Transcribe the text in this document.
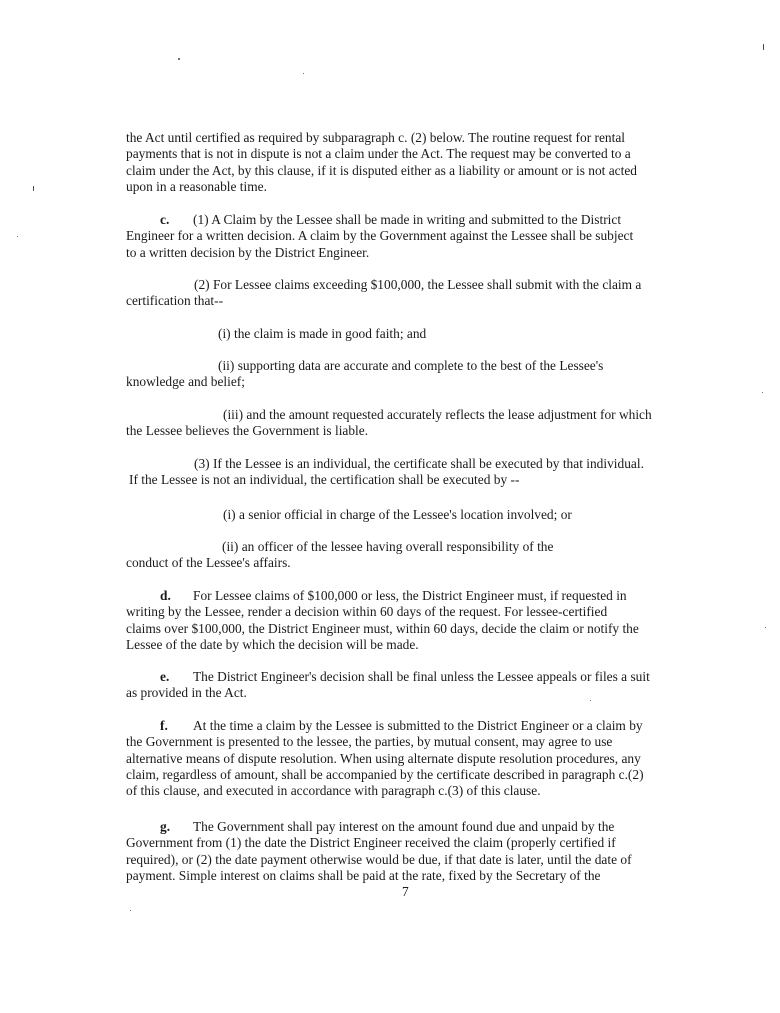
the Act until certified as required by subparagraph c. (2) below. The routine request for rental
payments that is not in dispute is not a claim under the Act. The request may be converted to a
claim under the Act, by this clause, if it is disputed either as a liability or amount or is not acted
upon in a reasonable time.

c. (1) A Claim by the Lessee shall be made in writing and submitted to the District
Engineer for a written decision. A claim by the Government against the Lessee shall be subject
to a written decision by the District Engineer.

(2) For Lessee claims exceeding $100,000, the Lessee shall submit with the claim a
certification that--

(i) the claim is made in good faith; and

(ii) supporting data are accurate and complete to the best of the Lessee's
knowledge and belief;

(iii) and the amount requested accurately reflects the lease adjustment for which
the Lessee believes the Government is liable.

(3) If the Lessee is an individual, the certificate shall be executed by that individual.
If the Lessee is not an individual, the certification shall be executed by --

(i) a senior official in charge of the Lessee's location involved; or

(ii) an officer of the lessee having overall responsibility of the
conduct of the Lessee's affairs.

d. For Lessee claims of $100,000 or less, the District Engineer must, if requested in
writing by the Lessee, render a decision within 60 days of the request. For lessee-certified
claims over $100,000, the District Engineer must, within 60 days, decide the claim or notify the
Lessee of the date by which the decision will be made.

e. The District Engineer's decision shall be final unless the Lessee appeals or files a suit
as provided in the Act.

f. At the time a claim by the Lessee is submitted to the District Engineer or a claim by
the Government is presented to the lessee, the parties, by mutual consent, may agree to use
alternative means of dispute resolution. When using alternate dispute resolution procedures, any
claim, regardless of amount, shall be accompanied by the certificate described in paragraph c.(2)
of this clause, and executed in accordance with paragraph c.(3) of this clause.

g. The Government shall pay interest on the amount found due and unpaid by the
Government from (1) the date the District Engineer received the claim (properly certified if
required), or (2) the date payment otherwise would be due, if that date is later, until the date of
payment. Simple interest on claims shall be paid at the rate, fixed by the Secretary of the

7
